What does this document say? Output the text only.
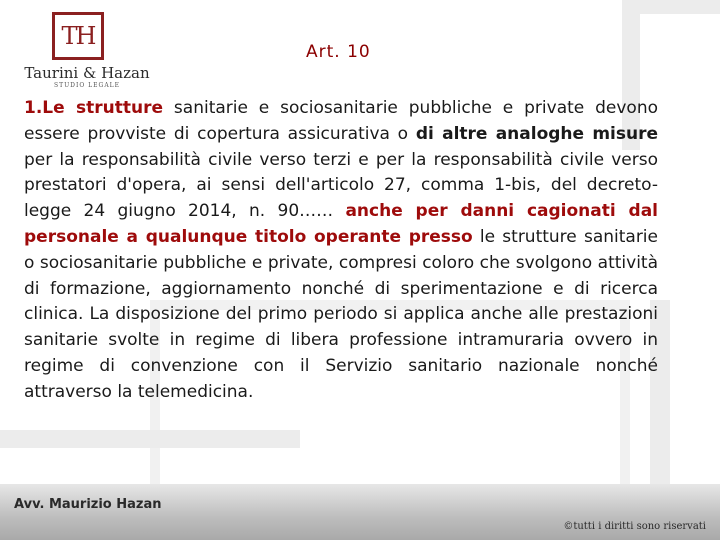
TH
Taurini & Hazan
STUDIO LEGALE
Art. 10

1.Le strutture sanitarie e sociosanitarie pubbliche e private devono essere provviste di copertura assicurativa o di altre analoghe misure per la responsabilità civile verso terzi e per la responsabilità civile verso prestatori d'opera, ai sensi dell'articolo 27, comma 1-bis, del decreto-legge 24 giugno 2014, n. 90…… anche per danni cagionati dal personale a qualunque titolo operante presso le strutture sanitarie o sociosanitarie pubbliche e private, compresi coloro che svolgono attività di formazione, aggiornamento nonché di sperimentazione e di ricerca clinica. La disposizione del primo periodo si applica anche alle prestazioni sanitarie svolte in regime di libera professione intramuraria ovvero in regime di convenzione con il Servizio sanitario nazionale nonché attraverso la telemedicina.

Avv. Maurizio Hazan
©tutti i diritti sono riservati
